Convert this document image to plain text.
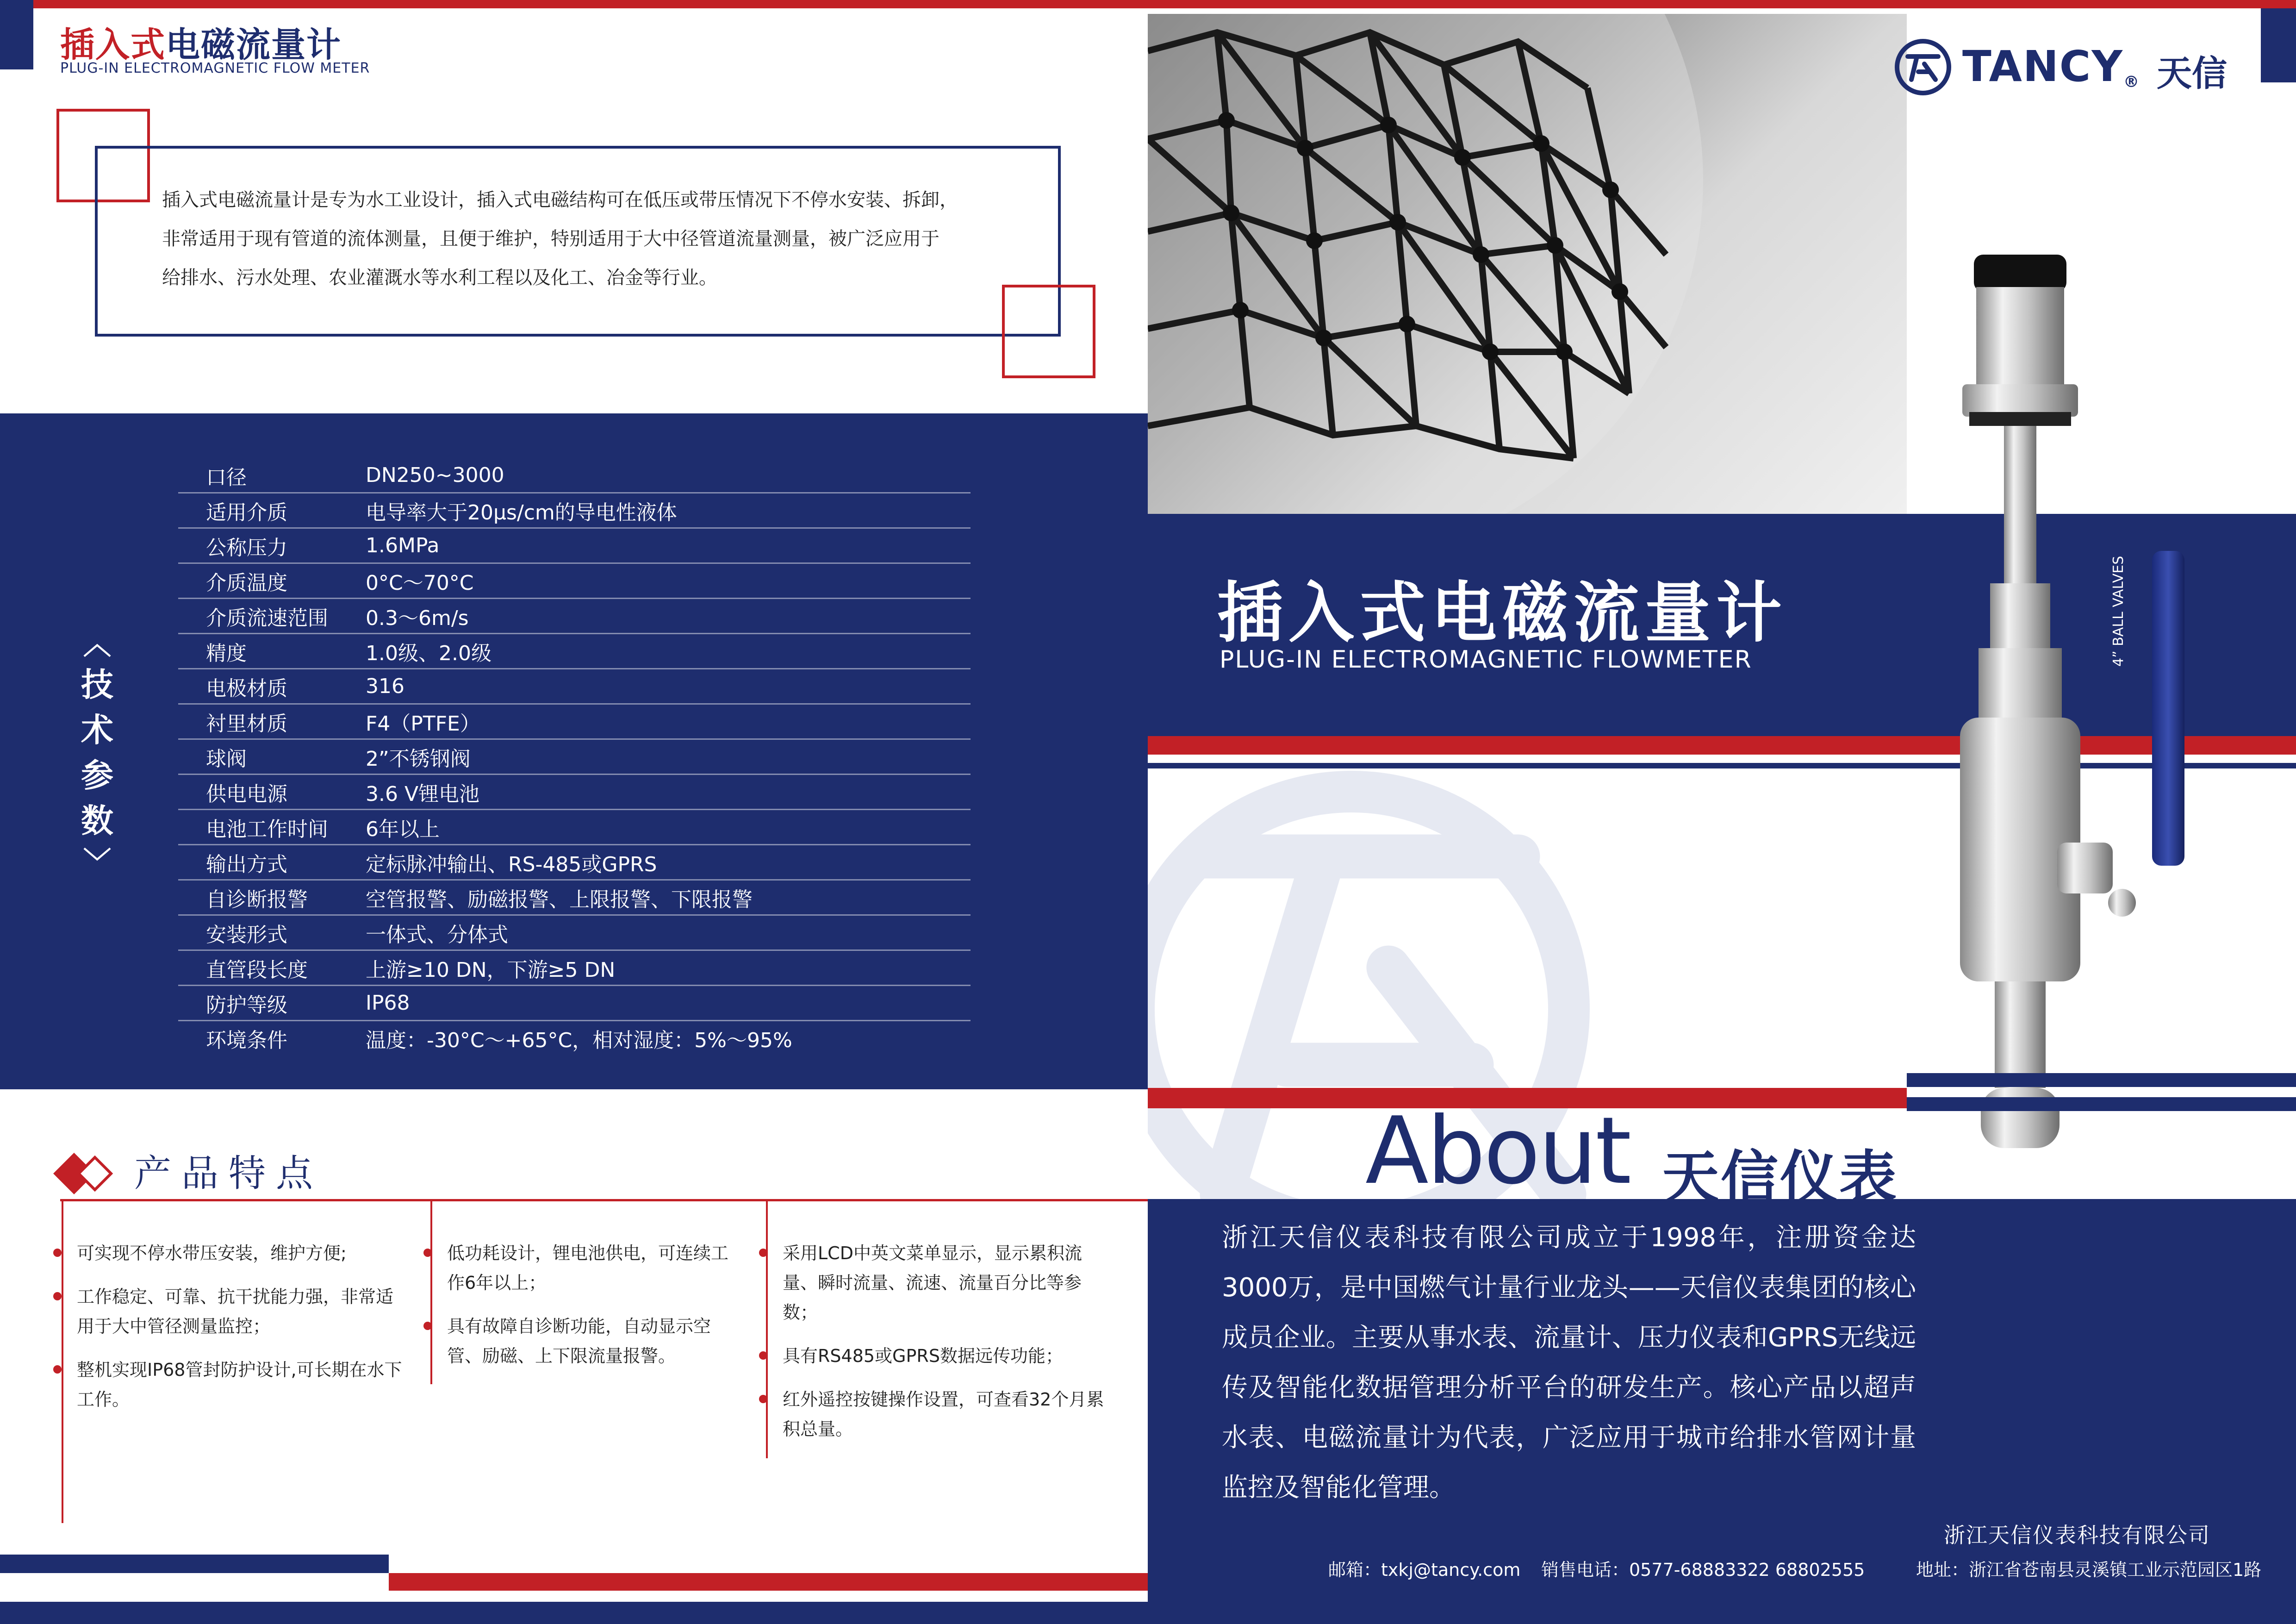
插入式电磁流量计
PLUG-IN ELECTROMAGNETIC FLOW METER
插入式电磁流量计是专为水工业设计，插入式电磁结构可在低压或带压情况下不停水安装、拆卸，
非常适用于现有管道的流体测量，且便于维护，特别适用于大中径管道流量测量，被广泛应用于
给排水、污水处理、农业灌溉水等水利工程以及化工、冶金等行业。
︿
技
术
参
数
﹀
口径	DN250~3000
适用介质	电导率大于20μs/cm的导电性液体
公称压力	1.6MPa
介质温度	0°C～70°C
介质流速范围	0.3～6m/s
精度	1.0级、2.0级
电极材质	316
衬里材质	F4（PTFE）
球阀	2”不锈钢阀
供电电源	3.6 V锂电池
电池工作时间	6年以上
输出方式	定标脉冲输出、RS-485或GPRS
自诊断报警	空管报警、励磁报警、上限报警、下限报警
安装形式	一体式、分体式
直管段长度	上游≥10 DN，下游≥5 DN
防护等级	IP68
环境条件	温度：-30°C～+65°C，相对湿度：5%～95%
产品特点
可实现不停水带压安装，维护方便;
工作稳定、可靠、抗干扰能力强，非常适用于大中管径测量监控；
整机实现IP68管封防护设计,可长期在水下工作。
低功耗设计，锂电池供电，可连续工作6年以上；
具有故障自诊断功能，自动显示空管、励磁、上下限流量报警。
采用LCD中英文菜单显示，显示累积流量、瞬时流量、流速、流量百分比等参数；
具有RS485或GPRS数据远传功能；
红外遥控按键操作设置，可查看32个月累积总量。
TANCY® 天信
插入式电磁流量计
PLUG-IN ELECTROMAGNETIC FLOWMETER	4” BALL VALVES
About 天信仪表
浙江天信仪表科技有限公司成立于1998年，注册资金达3000万，是中国燃气计量行业龙头——天信仪表集团的核心成员企业。主要从事水表、流量计、压力仪表和GPRS无线远传及智能化数据管理分析平台的研发生产。核心产品以超声水表、电磁流量计为代表，广泛应用于城市给排水管网计量监控及智能化管理。
浙江天信仪表科技有限公司
邮箱：txkj@tancy.com 销售电话：0577-68883322 68802555	地址：浙江省苍南县灵溪镇工业示范园区1路
